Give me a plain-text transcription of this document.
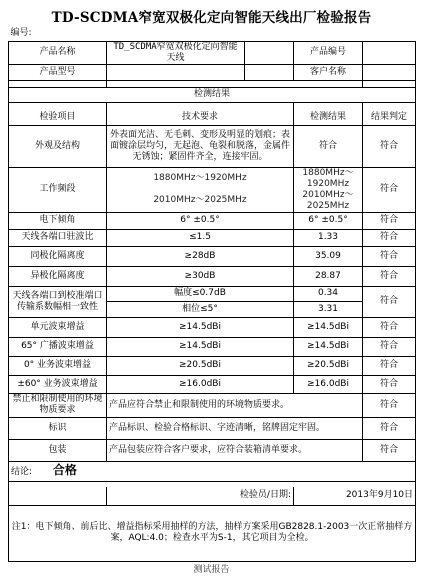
TD-SCDMA窄宽双极化定向智能天线出厂检验报告
编号:				
产品名称	TD_SCDMA窄宽双极化定向智能天线		产品编号	
产品型号			客户名称	

检测结果				

检验项目	技术要求		检测结果	结果判定
外观及结构	外表面光洁、无毛刺、变形及明显的划痕；表面镀涂层均匀，无起泡、龟裂和脱落，金属件无锈蚀；紧固件齐全，连接牢固。		符合	符合
工作频段	1880MHz～1920MHz		1880MHz～1920MHz	符合
	2010MHz～2025MHz		2010MHz～2025MHz	
电下倾角	6° ±0.5°		6° ±0.5°	符合
天线各端口驻波比	≤1.5		1.33	符合
同极化隔离度	≥28dB		35.09	符合
异极化隔离度	≥30dB		28.87	符合
天线各端口到校准端口传输系数幅相一致性	幅度≤0.7dB		0.34	符合
	相位≤5°		3.31	
单元波束增益	≥14.5dBi		≥14.5dBi	符合
65° 广播波束增益	≥14.5dBi		≥14.5dBi	符合
0° 业务波束增益	≥20.5dBi		≥20.5dBi	符合
±60° 业务波束增益	≥16.0dBi		≥16.0dBi	符合
禁止和限制使用的环境物质要求	产品应符合禁止和限制使用的环境物质要求。			符合
标识	产品标识、检验合格标识、字迹清晰，铭牌固定牢固。			符合
包装	产品包装应符合客户要求，应符合装箱清单要求。			符合
结论: 合格				

	检验员/日期:		2013年9月10日	
注1：电下倾角、前后比、增益指标采用抽样的方法，抽样方案采用GB2828.1-2003一次正常抽样方案，AQL:4.0；检查水平为S-1，其它项目为全检。				
测试报告
